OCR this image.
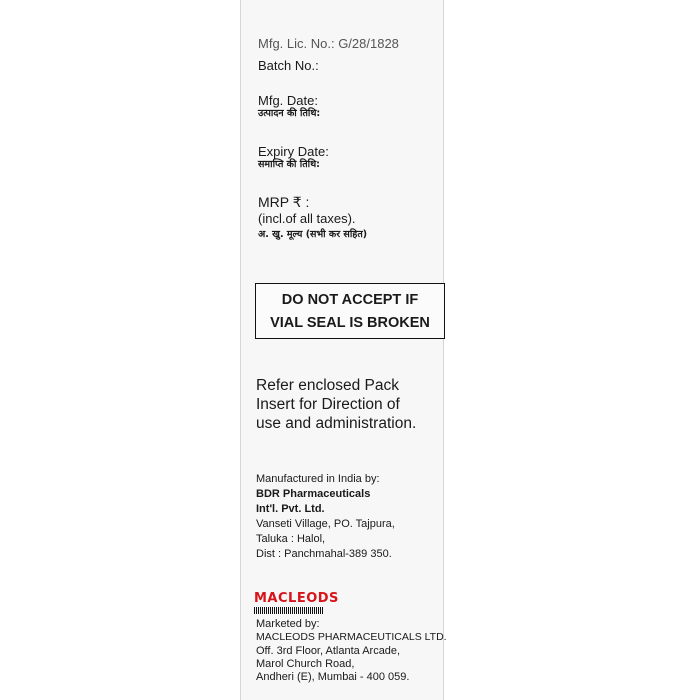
Mfg. Lic. No.: G/28/1828
Batch No.:
Mfg. Date:
उत्पादन की तिथि:
Expiry Date:
समाप्ति की तिथि:
MRP ₹ :
(incl.of all taxes).
अ. खु. मूल्य (सभी कर सहित)
DO NOT ACCEPT IF
VIAL SEAL IS BROKEN
Refer enclosed Pack
Insert for Direction of
use and administration.
Manufactured in India by:
BDR Pharmaceuticals
Int'l. Pvt. Ltd.
Vanseti Village, PO. Tajpura,
Taluka : Halol,
Dist : Panchmahal-389 350.
MACLEODS
Marketed by:
MACLEODS PHARMACEUTICALS LTD.
Off. 3rd Floor, Atlanta Arcade,
Marol Church Road,
Andheri (E), Mumbai - 400 059.
